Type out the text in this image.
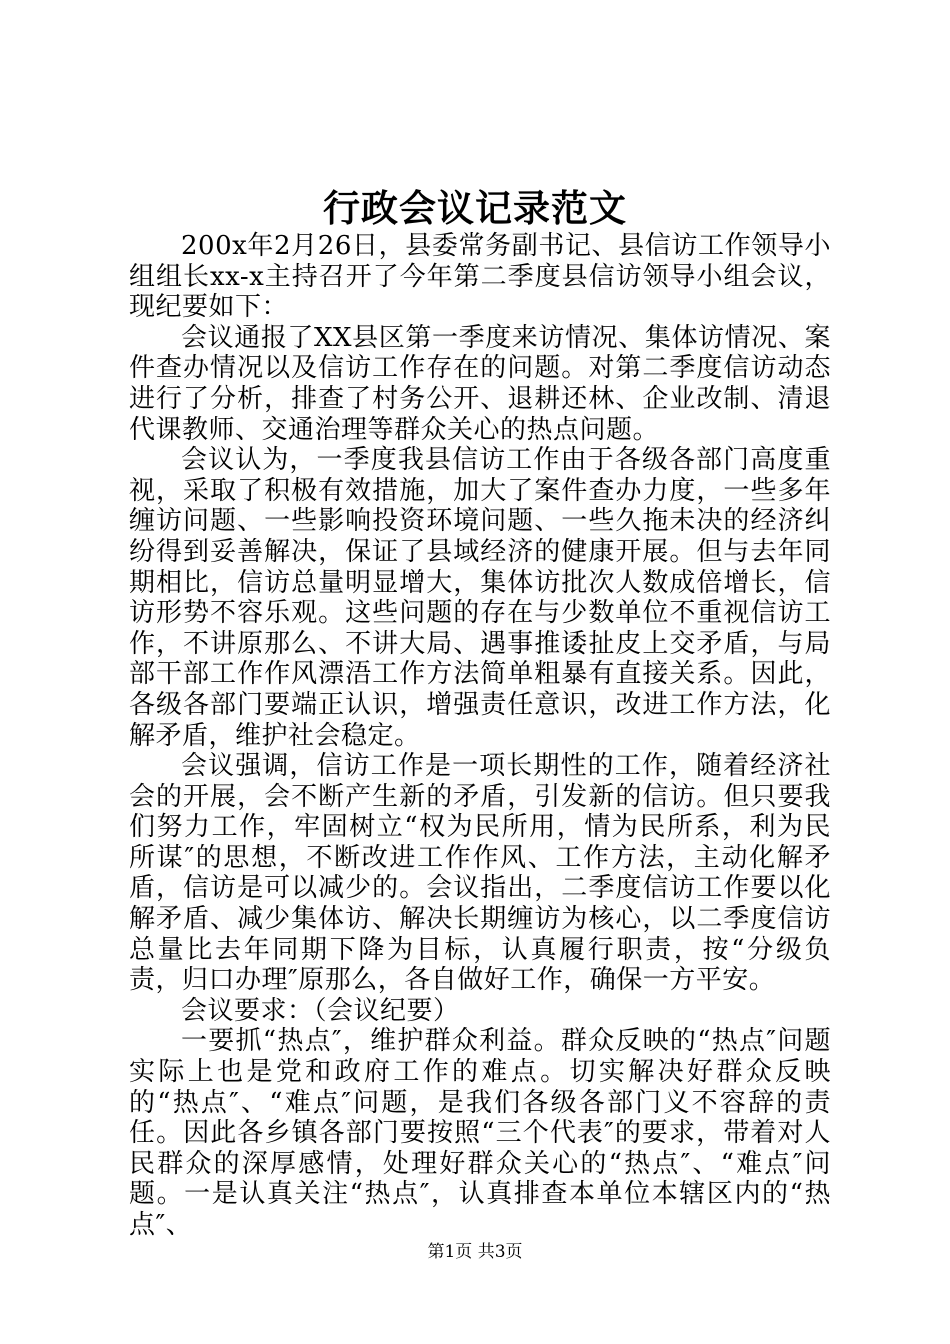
行政会议记录范文

200x年2月26日，县委常务副书记、县信访工作领导小组组长xx-x主持召开了今年第二季度县信访领导小组会议，现纪要如下：

会议通报了XX县区第一季度来访情况、集体访情况、案件查办情况以及信访工作存在的问题。对第二季度信访动态进行了分析，排查了村务公开、退耕还林、企业改制、清退代课教师、交通治理等群众关心的热点问题。

会议认为，一季度我县信访工作由于各级各部门高度重视，采取了积极有效措施，加大了案件查办力度，一些多年缠访问题、一些影响投资环境问题、一些久拖未决的经济纠纷得到妥善解决，保证了县域经济的健康开展。但与去年同期相比，信访总量明显增大，集体访批次人数成倍增长，信访形势不容乐观。这些问题的存在与少数单位不重视信访工作，不讲原那么、不讲大局、遇事推诿扯皮上交矛盾，与局部干部工作作风漂浯工作方法简单粗暴有直接关系。因此，各级各部门要端正认识，增强责任意识，改进工作方法，化解矛盾，维护社会稳定。

会议强调，信访工作是一项长期性的工作，随着经济社会的开展，会不断产生新的矛盾，引发新的信访。但只要我们努力工作，牢固树立“权为民所用，情为民所系，利为民所谋″的思想，不断改进工作作风、工作方法，主动化解矛盾，信访是可以减少的。会议指出，二季度信访工作要以化解矛盾、减少集体访、解决长期缠访为核心，以二季度信访总量比去年同期下降为目标，认真履行职责，按“分级负责，归口办理″原那么，各自做好工作，确保一方平安。

会议要求：（会议纪要）

一要抓“热点″，维护群众利益。群众反映的“热点″问题实际上也是党和政府工作的难点。切实解决好群众反映的“热点″、“难点″问题，是我们各级各部门义不容辞的责任。因此各乡镇各部门要按照“三个代表″的要求，带着对人民群众的深厚感情，处理好群众关心的“热点″、“难点″问题。一是认真关注“热点″，认真排查本单位本辖区内的“热点″、

第1页 共3页
